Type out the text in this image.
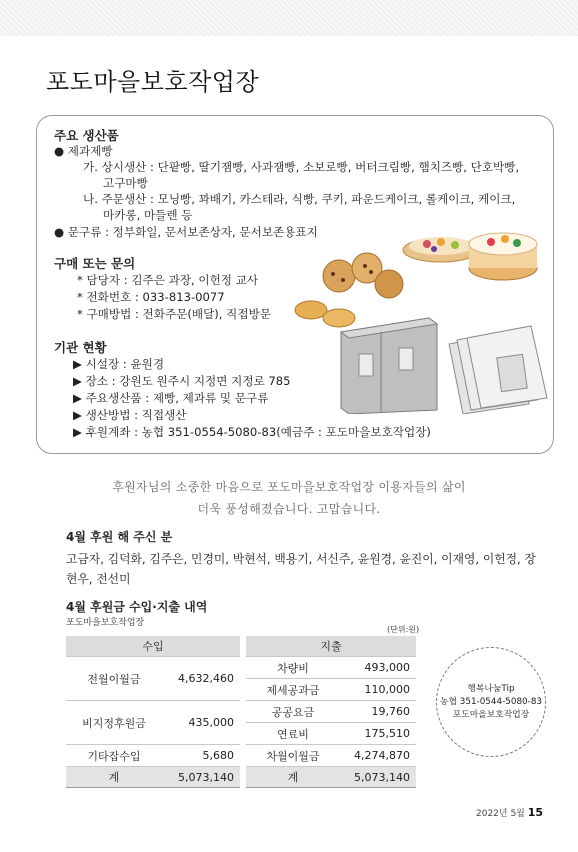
포도마을보호작업장
주요 생산품
● 제과제빵
가. 상시생산 : 단팥빵, 딸기잼빵, 사과잼빵, 소보로빵, 버터크림빵, 햄치즈빵, 단호박빵,
고구마빵
나. 주문생산 : 모닝빵, 꽈배기, 카스테라, 식빵, 쿠키, 파운드케이크, 롤케이크, 케이크,
마카롱, 마들렌 등
● 문구류 : 정부화일, 문서보존상자, 문서보존용표지
구매 또는 문의
* 담당자 : 김주은 과장, 이헌정 교사
* 전화번호 : 033-813-0077
* 구매방법 : 전화주문(배달), 직접방문
기관 현황
▶ 시설장 : 윤원경
▶ 장소 : 강원도 원주시 지정면 지정로 785
▶ 주요생산품 : 제빵, 제과류 및 문구류
▶ 생산방법 : 직접생산
▶ 후원계좌 : 농협 351-0554-5080-83(예금주 : 포도마을보호작업장)
후원자님의 소중한 마음으로 포도마을보호작업장 이용자들의 삶이
더욱 풍성해졌습니다. 고맙습니다.
4월 후원 해 주신 분
고금자, 김덕화, 김주은, 민경미, 박현석, 백용기, 서신주, 윤원경, 윤진이, 이재영, 이헌정, 장현우, 전선미
4월 후원금 수입·지출 내역
포도마을보호작업장
(단위:원)
수입			지출	
전월이월금	4,632,460		차량비	493,000
			제세공과금	110,000
비지정후원금	435,000		공공요금	19,760
			연료비	175,510
기타잡수입	5,680		차월이월금	4,274,870
계	5,073,140		계	5,073,140
행복나눔Tip
농협 351-0544-5080-83
포도마을보호작업장
2022년 5월 15
